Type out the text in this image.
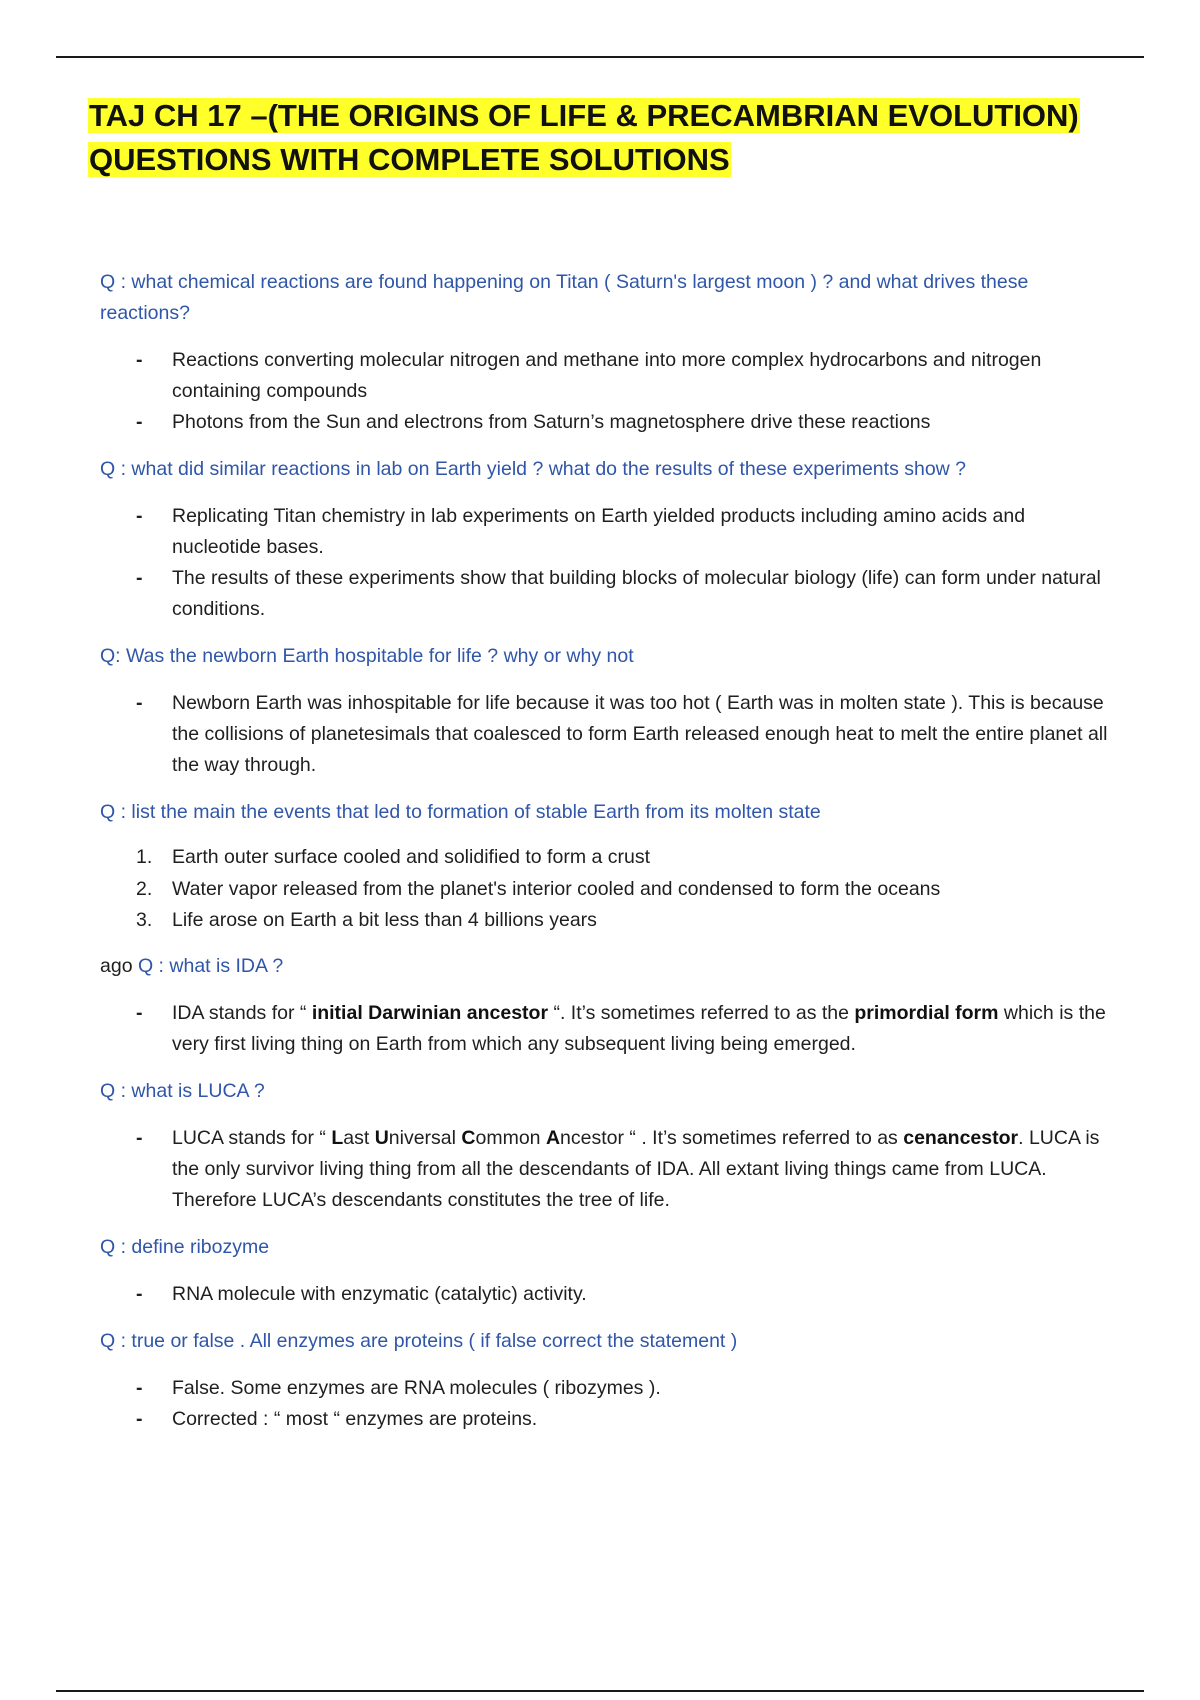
TAJ CH 17 –(THE ORIGINS OF LIFE & PRECAMBRIAN EVOLUTION)
QUESTIONS WITH COMPLETE SOLUTIONS

Q : what chemical reactions are found happening on Titan ( Saturn's largest moon ) ? and what drives these reactions?

- Reactions converting molecular nitrogen and methane into more complex hydrocarbons and nitrogen containing compounds
- Photons from the Sun and electrons from Saturn’s magnetosphere drive these reactions

Q : what did similar reactions in lab on Earth yield ? what do the results of these experiments show ?

- Replicating Titan chemistry in lab experiments on Earth yielded products including amino acids and nucleotide bases.
- The results of these experiments show that building blocks of molecular biology (life) can form under natural conditions.

Q: Was the newborn Earth hospitable for life ? why or why not

- Newborn Earth was inhospitable for life because it was too hot ( Earth was in molten state ). This is because the collisions of planetesimals that coalesced to form Earth released enough heat to melt the entire planet all the way through.

Q : list the main the events that led to formation of stable Earth from its molten state

1. Earth outer surface cooled and solidified to form a crust
2. Water vapor released from the planet's interior cooled and condensed to form the oceans
3. Life arose on Earth a bit less than 4 billions years

ago Q : what is IDA ?

- IDA stands for “ initial Darwinian ancestor “. It’s sometimes referred to as the primordial form which is the very first living thing on Earth from which any subsequent living being emerged.

Q : what is LUCA ?

- LUCA stands for “ Last Universal Common Ancestor “ . It’s sometimes referred to as cenancestor. LUCA is the only survivor living thing from all the descendants of IDA. All extant living things came from LUCA. Therefore LUCA’s descendants constitutes the tree of life.

Q : define ribozyme

- RNA molecule with enzymatic (catalytic) activity.

Q : true or false . All enzymes are proteins ( if false correct the statement )

- False. Some enzymes are RNA molecules ( ribozymes ).
- Corrected : “ most “ enzymes are proteins.
